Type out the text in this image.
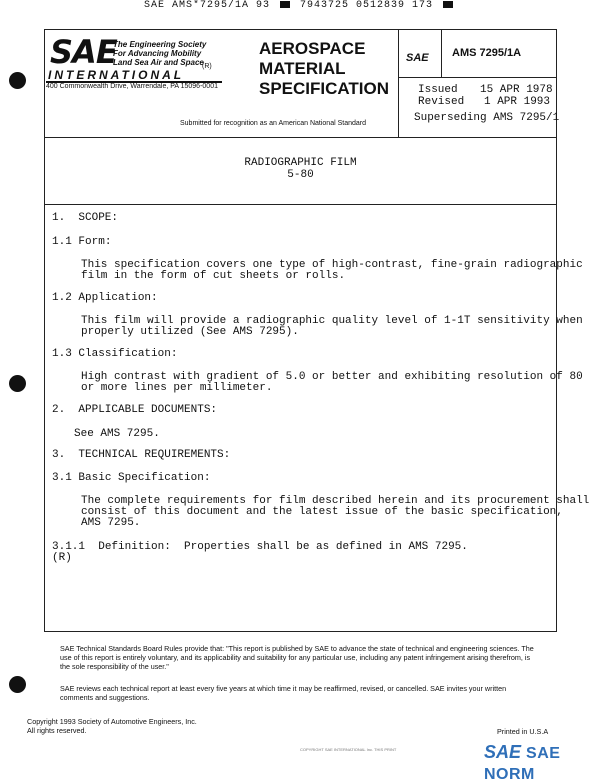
SAE AMS*7295/1A 93	7943725 0512839 173
SAE
The Engineering Society
For Advancing Mobility
Land Sea Air and Space
(R)
INTERNATIONAL
400 Commonwealth Drive, Warrendale, PA 15096-0001
AEROSPACE
MATERIAL
SPECIFICATION
SAE AMS 7295/1A
Issued 15 APR 1978
Revised 1 APR 1993
Superseding AMS 7295/1
Submitted for recognition as an American National Standard
RADIOGRAPHIC FILM
5-80
1. SCOPE:
1.1 Form:
This specification covers one type of high-contrast, fine-grain radiographic
film in the form of cut sheets or rolls.
1.2 Application:
This film will provide a radiographic quality level of 1-1T sensitivity when
properly utilized (See AMS 7295).
1.3 Classification:
High contrast with gradient of 5.0 or better and exhibiting resolution of 80
or more lines per millimeter.
2. APPLICABLE DOCUMENTS:
See AMS 7295.
3. TECHNICAL REQUIREMENTS:
3.1 Basic Specification:
The complete requirements for film described herein and its procurement shall
consist of this document and the latest issue of the basic specification,
AMS 7295.
3.1.1 Definition:  Properties shall be as defined in AMS 7295.
(R)
SAE Technical Standards Board Rules provide that: "This report is published by SAE to advance the state of technical and engineering sciences. The use of this report is entirely voluntary, and its applicability and suitability for any particular use, including any patent infringement arising therefrom, is the sole responsibility of the user."
SAE reviews each technical report at least every five years at which time it may be reaffirmed, revised, or cancelled. SAE invites your written comments and suggestions.
Copyright 1993 Society of Automotive Engineers, Inc.
All rights reserved.	Printed in U.S.A
COPYRIGHT SAE INTERNATIONAL Inc. THIS PRINT	SAE SAE NORM
